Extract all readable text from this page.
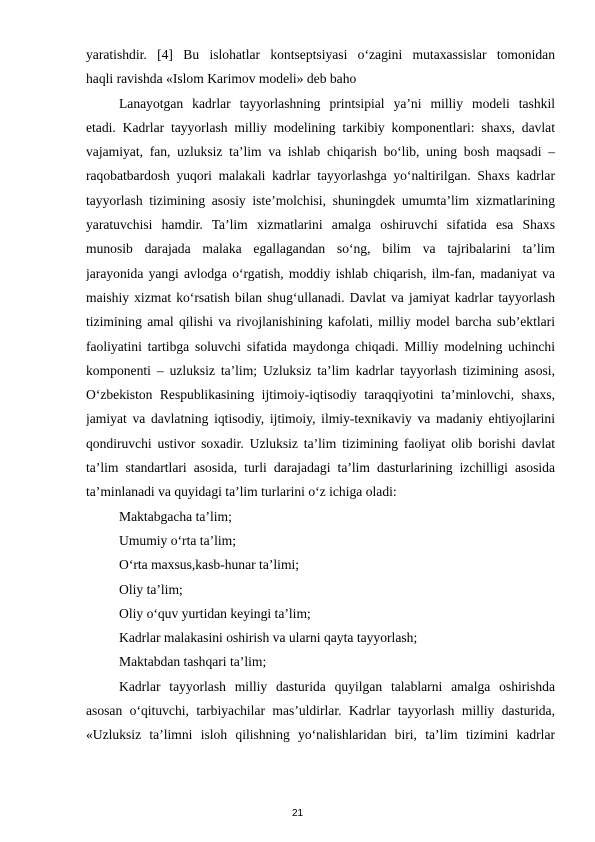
yaratishdir. [4] Bu islohatlar kontseptsiyasi o‘zagini mutaxassislar tomonidan
haqli ravishda «Islom Karimov modeli» deb baho
Lanayotgan kadrlar tayyorlashning printsipial ya’ni milliy modeli tashkil
etadi. Kadrlar tayyorlash milliy modelining tarkibiy komponentlari: shaxs, davlat
vajamiyat, fan, uzluksiz ta’lim va ishlab chiqarish bo‘lib, uning bosh maqsadi –
raqobatbardosh yuqori malakali kadrlar tayyorlashga yo‘naltirilgan. Shaxs kadrlar
tayyorlash tizimining asosiy iste’molchisi, shuningdek umumta’lim xizmatlarining
yaratuvchisi hamdir. Ta’lim xizmatlarini amalga oshiruvchi sifatida esa Shaxs
munosib darajada malaka egallagandan so‘ng, bilim va tajribalarini ta’lim
jarayonida yangi avlodga o‘rgatish, moddiy ishlab chiqarish, ilm-fan, madaniyat va
maishiy xizmat ko‘rsatish bilan shug‘ullanadi. Davlat va jamiyat kadrlar tayyorlash
tizimining amal qilishi va rivojlanishining kafolati, milliy model barcha sub’ektlari
faoliyatini tartibga soluvchi sifatida maydonga chiqadi. Milliy modelning uchinchi
komponenti – uzluksiz ta’lim; Uzluksiz ta’lim kadrlar tayyorlash tizimining asosi,
O‘zbekiston Respublikasining ijtimoiy-iqtisodiy taraqqiyotini ta’minlovchi, shaxs,
jamiyat va davlatning iqtisodiy, ijtimoiy, ilmiy-texnikaviy va madaniy ehtiyojlarini
qondiruvchi ustivor soxadir. Uzluksiz ta’lim tizimining faoliyat olib borishi davlat
ta’lim standartlari asosida, turli darajadagi ta’lim dasturlarining izchilligi asosida
ta’minlanadi va quyidagi ta’lim turlarini o‘z ichiga oladi:
Maktabgacha ta’lim;
Umumiy o‘rta ta’lim;
O‘rta maxsus,kasb-hunar ta’limi;
Oliy ta’lim;
Oliy o‘quv yurtidan keyingi ta’lim;
Kadrlar malakasini oshirish va ularni qayta tayyorlash;
Maktabdan tashqari ta’lim;
Kadrlar tayyorlash milliy dasturida quyilgan talablarni amalga oshirishda
asosan o‘qituvchi, tarbiyachilar mas’uldirlar. Kadrlar tayyorlash milliy dasturida,
«Uzluksiz ta’limni isloh qilishning yo‘nalishlaridan biri, ta’lim tizimini kadrlar
21
